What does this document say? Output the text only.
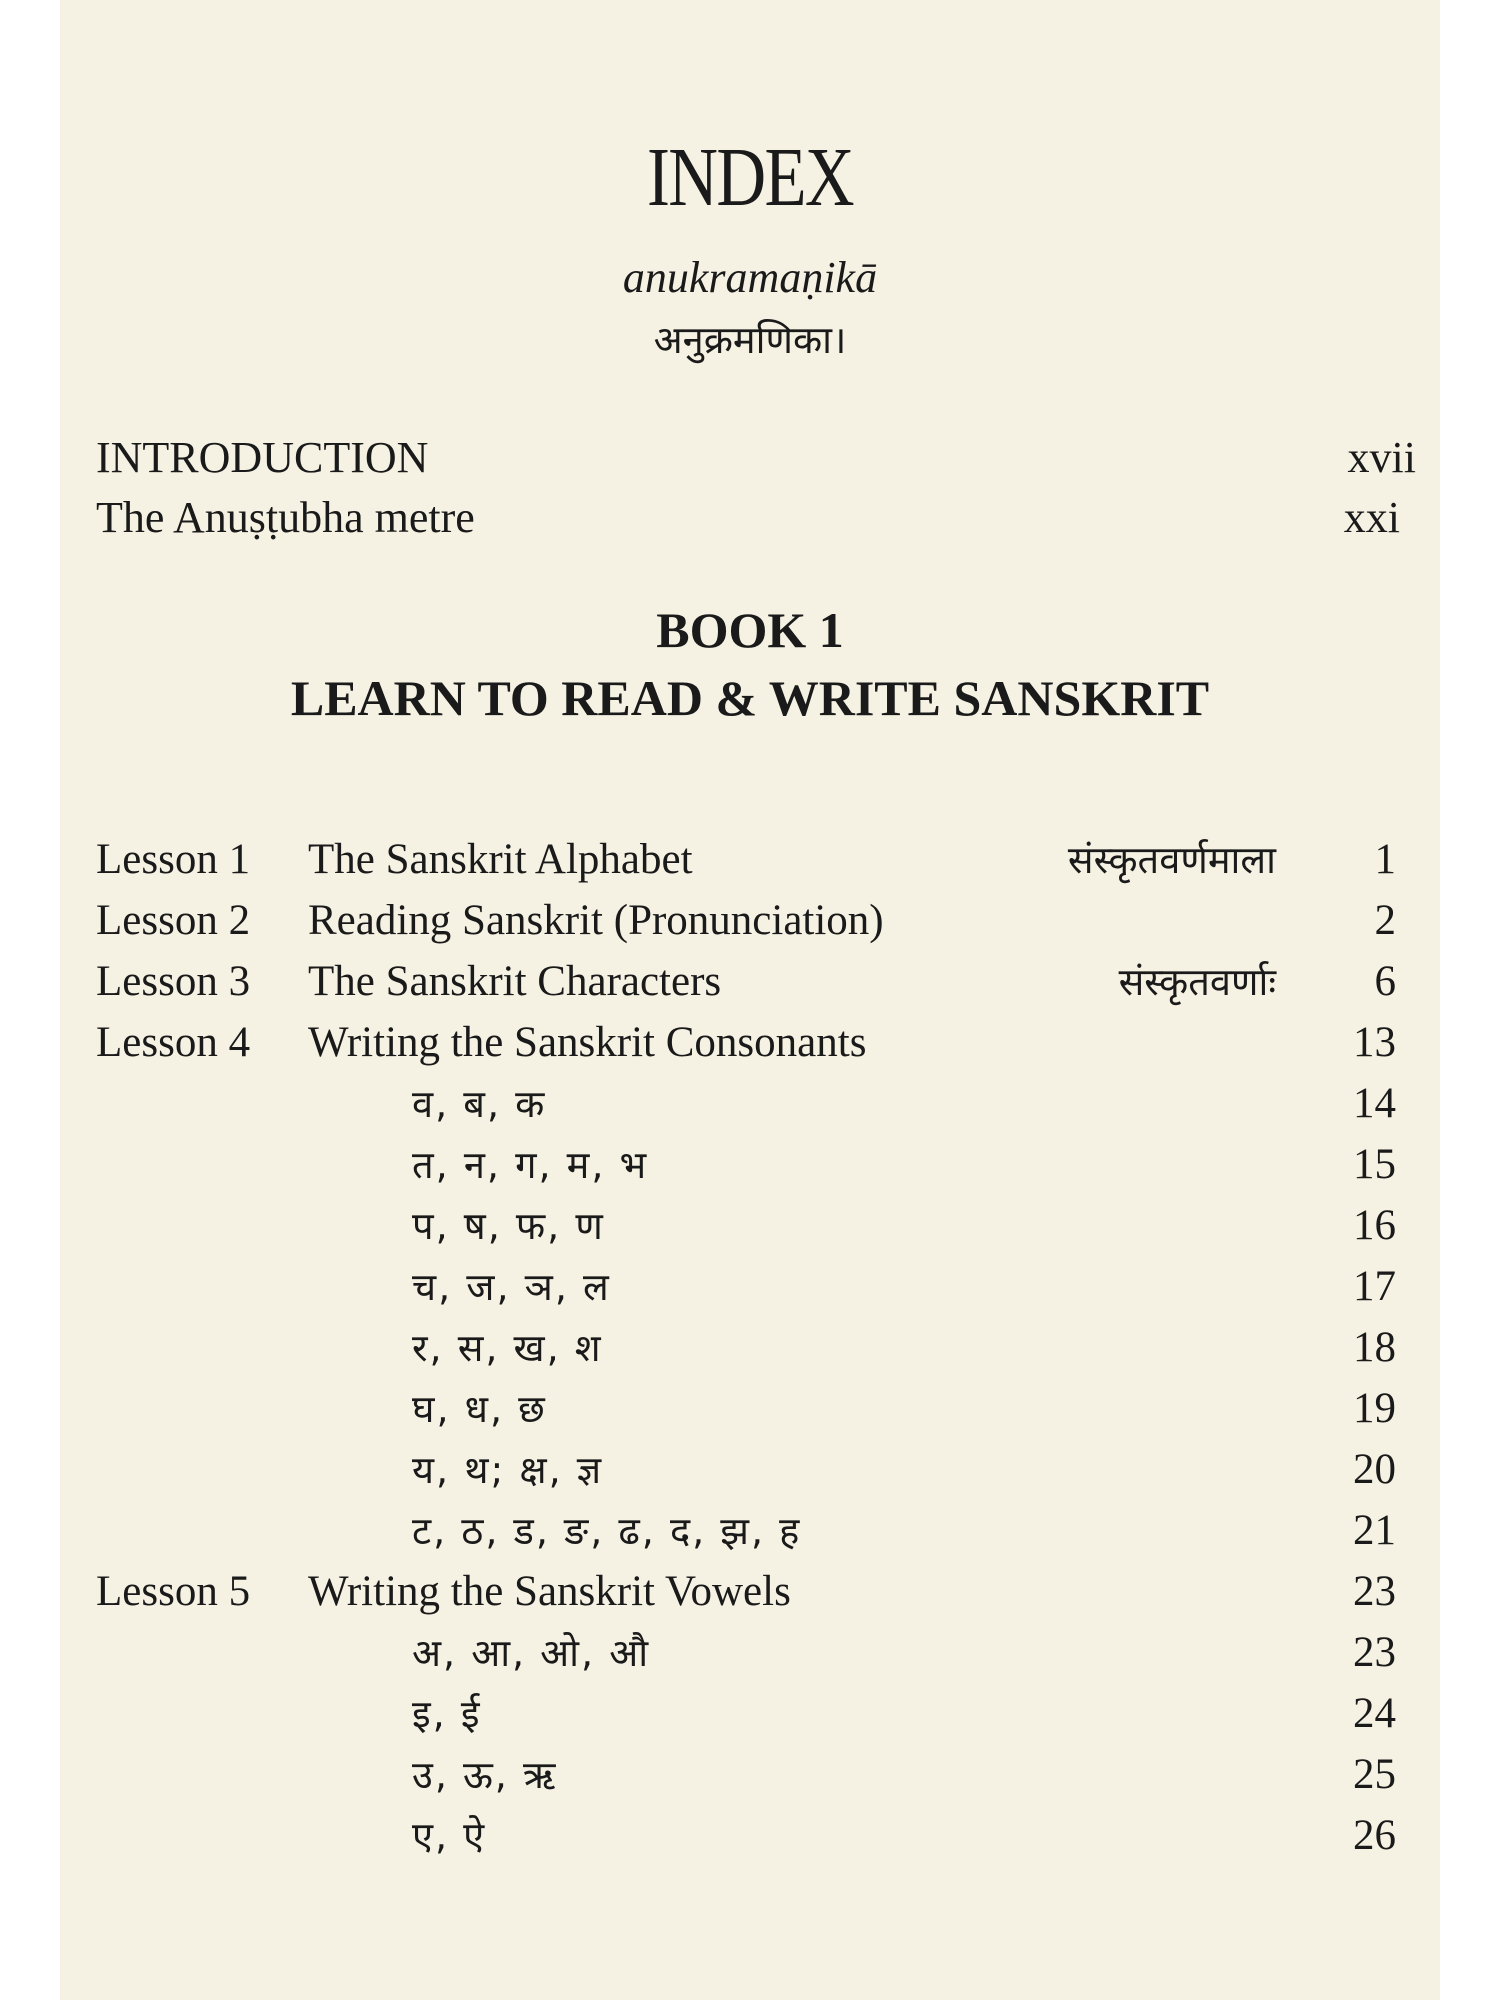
INDEX
anukramaṇikā
अनुक्रमणिका।
INTRODUCTION	xvii
The Anuṣṭubha metre	xxi
BOOK 1
LEARN TO READ & WRITE SANSKRIT
Lesson 1 The Sanskrit Alphabet	संस्कृतवर्णमाला	1
Lesson 2 Reading Sanskrit (Pronunciation)	2
Lesson 3 The Sanskrit Characters	संस्कृतवर्णाः	6
Lesson 4 Writing the Sanskrit Consonants	13
व, ब, क	14
त, न, ग, म, भ	15
प, ष, फ, ण	16
च, ज, ञ, ल	17
र, स, ख, श	18
घ, ध, छ	19
य, थ; क्ष, ज्ञ	20
ट, ठ, ड, ङ, ढ, द, झ, ह	21
Lesson 5 Writing the Sanskrit Vowels	23
अ, आ, ओ, औ	23
इ, ई	24
उ, ऊ, ऋ	25
ए, ऐ	26
